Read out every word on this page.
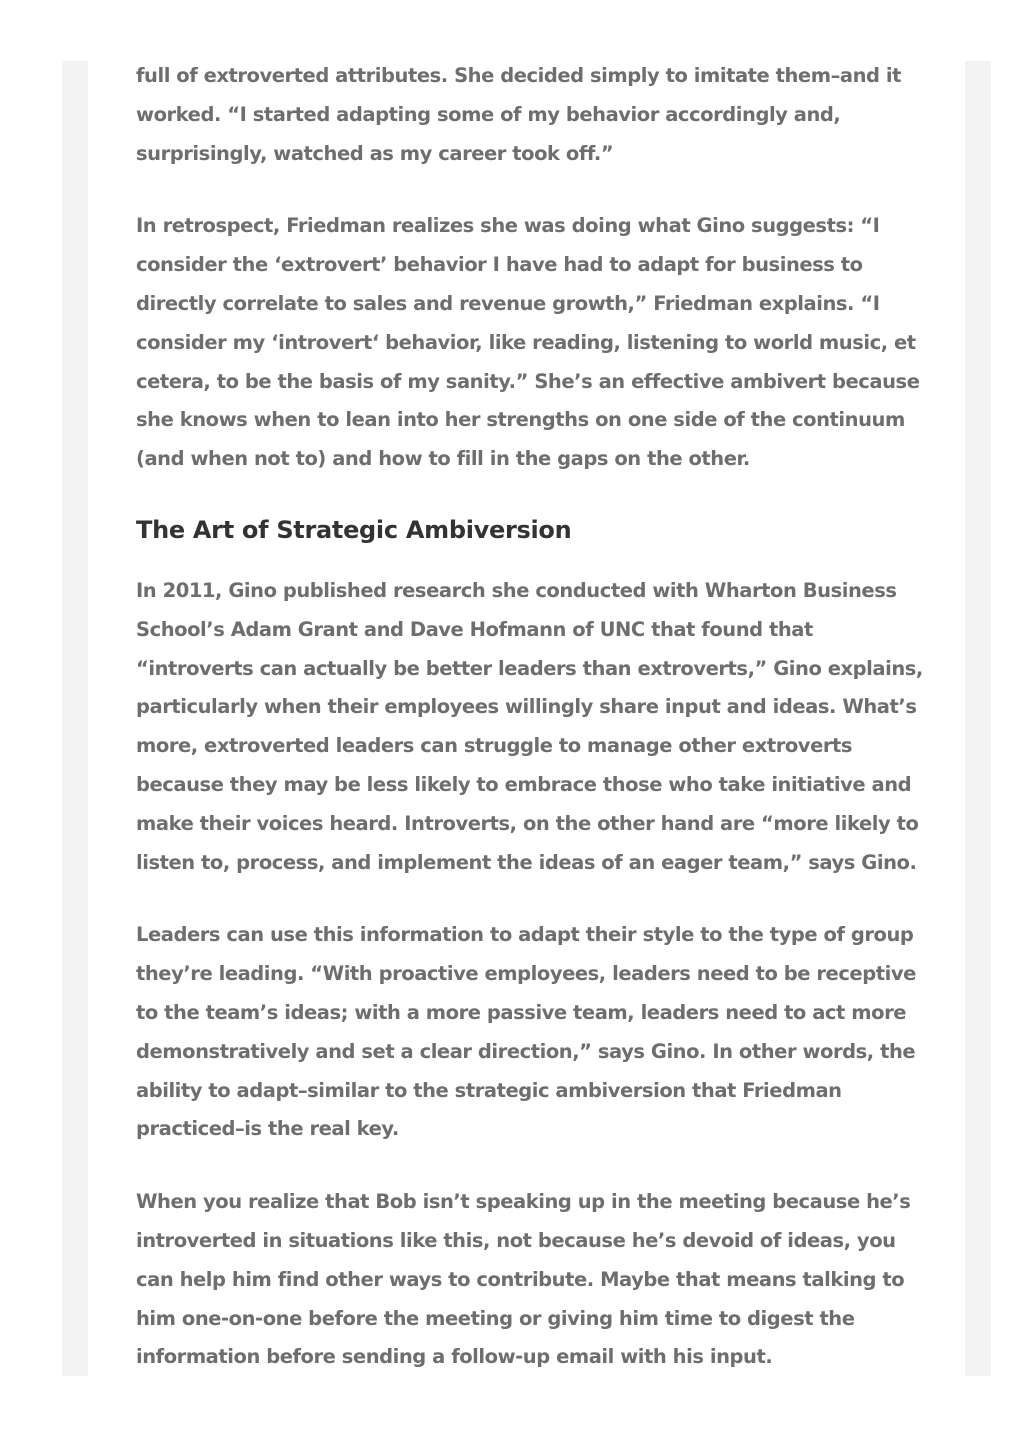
full of extroverted attributes. She decided simply to imitate them–and it worked. “I started adapting some of my behavior accordingly and, surprisingly, watched as my career took off.”

In retrospect, Friedman realizes she was doing what Gino suggests: “I consider the ‘extrovert’ behavior I have had to adapt for business to directly correlate to sales and revenue growth,” Friedman explains. “I consider my ‘introvert‘ behavior, like reading, listening to world music, et cetera, to be the basis of my sanity.” She’s an effective ambivert because she knows when to lean into her strengths on one side of the continuum (and when not to) and how to fill in the gaps on the other.

The Art of Strategic Ambiversion

In 2011, Gino published research she conducted with Wharton Business School’s Adam Grant and Dave Hofmann of UNC that found that “introverts can actually be better leaders than extroverts,” Gino explains, particularly when their employees willingly share input and ideas. What’s more, extroverted leaders can struggle to manage other extroverts because they may be less likely to embrace those who take initiative and make their voices heard. Introverts, on the other hand are “more likely to listen to, process, and implement the ideas of an eager team,” says Gino.

Leaders can use this information to adapt their style to the type of group they’re leading. “With proactive employees, leaders need to be receptive to the team’s ideas; with a more passive team, leaders need to act more demonstratively and set a clear direction,” says Gino. In other words, the ability to adapt–similar to the strategic ambiversion that Friedman practiced–is the real key.

When you realize that Bob isn’t speaking up in the meeting because he’s introverted in situations like this, not because he’s devoid of ideas, you can help him find other ways to contribute. Maybe that means talking to him one-on-one before the meeting or giving him time to digest the information before sending a follow-up email with his input.
